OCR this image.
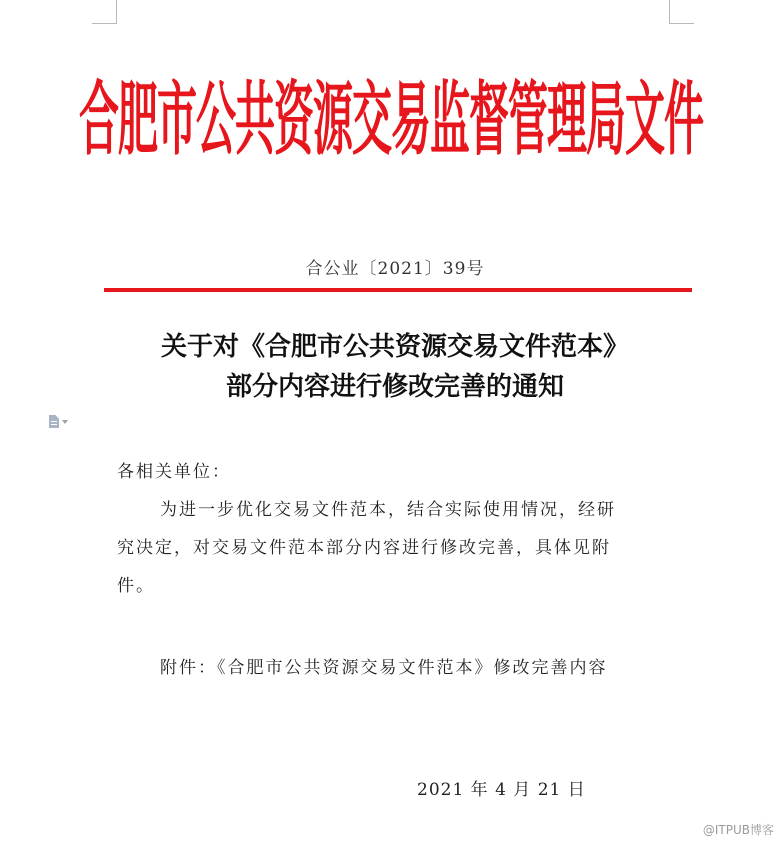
合肥市公共资源交易监督管理局文件
合公业〔2021〕39号
关于对《合肥市公共资源交易文件范本》
部分内容进行修改完善的通知
各相关单位：
为进一步优化交易文件范本，结合实际使用情况，经研
究决定，对交易文件范本部分内容进行修改完善，具体见附
件。
附件：《合肥市公共资源交易文件范本》修改完善内容
2021 年 4 月 21 日
@ITPUB博客
